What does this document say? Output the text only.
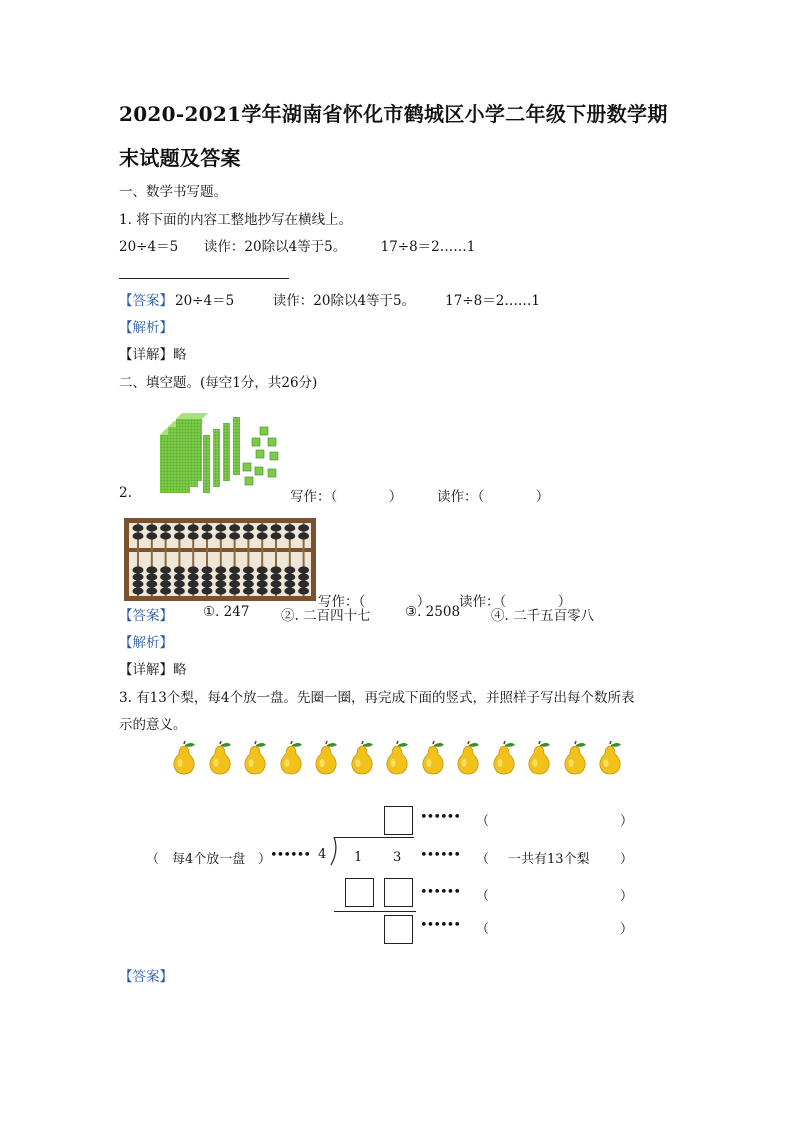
2020-2021学年湖南省怀化市鹤城区小学二年级下册数学期
末试题及答案
一、数学书写题。
1. 将下面的内容工整地抄写在横线上。
20÷4＝5      读作：20除以4等于5。        17÷8＝2……1
【答案】 20÷4＝5         读作：20除以4等于5。       17÷8＝2……1
【解析】
【详解】略
二、填空题。(每空1分，共26分)
2.	写作：（            ）	读作：（            ）
写作：（            ） 读作：（            ）
【答案】 ①. 247 ②. 二百四十七	③. 2508 ④. 二千五百零八
【解析】
【详解】略
3. 有13个梨，每4个放一盘。先圈一圈，再完成下面的竖式，并照样子写出每个数所表
示的意义。
•••••• （	）
（ 每4个放一盘 ）
•••••• 4 1 3 •••••• （ 一共有13个梨 ）
•••••• （	）
•••••• （	）
【答案】
